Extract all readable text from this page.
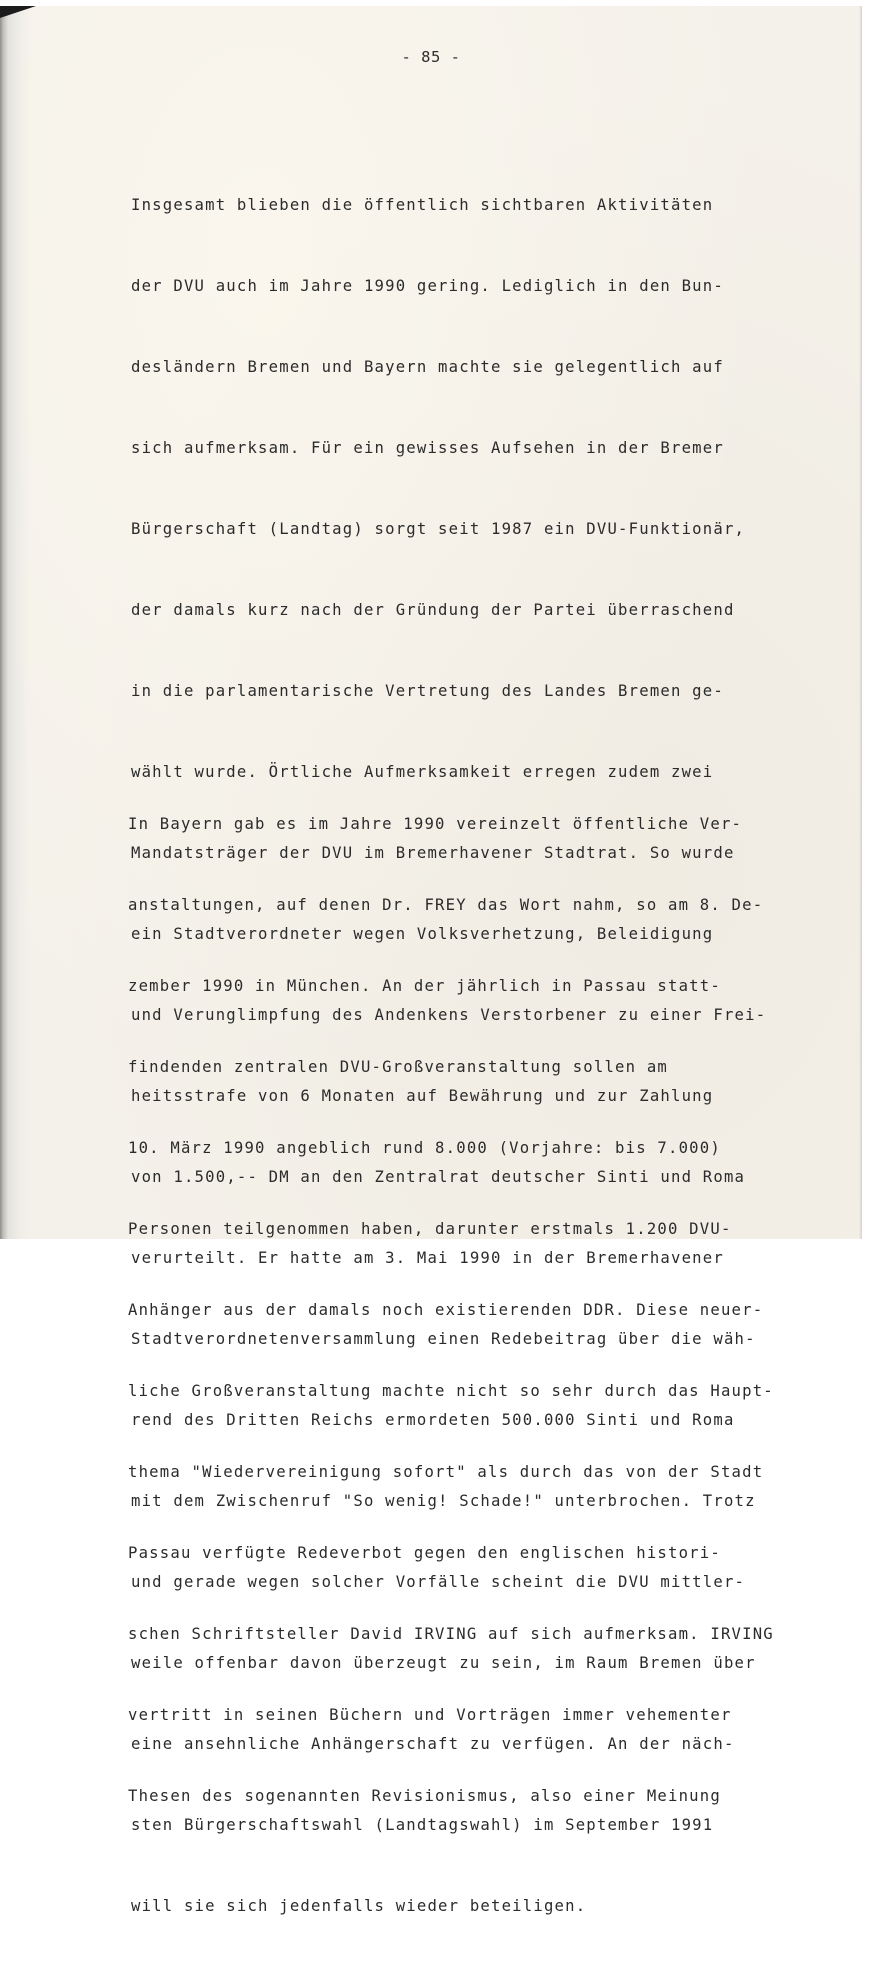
- 85 -

Insgesamt blieben die öffentlich sichtbaren Aktivitäten

der DVU auch im Jahre 1990 gering. Lediglich in den Bun-

desländern Bremen und Bayern machte sie gelegentlich auf

sich aufmerksam. Für ein gewisses Aufsehen in der Bremer

Bürgerschaft (Landtag) sorgt seit 1987 ein DVU-Funktionär,

der damals kurz nach der Gründung der Partei überraschend

in die parlamentarische Vertretung des Landes Bremen ge-

wählt wurde. Örtliche Aufmerksamkeit erregen zudem zwei

Mandatsträger der DVU im Bremerhavener Stadtrat. So wurde

ein Stadtverordneter wegen Volksverhetzung, Beleidigung

und Verunglimpfung des Andenkens Verstorbener zu einer Frei-

heitsstrafe von 6 Monaten auf Bewährung und zur Zahlung

von 1.500,-- DM an den Zentralrat deutscher Sinti und Roma

verurteilt. Er hatte am 3. Mai 1990 in der Bremerhavener

Stadtverordnetenversammlung einen Redebeitrag über die wäh-

rend des Dritten Reichs ermordeten 500.000 Sinti und Roma

mit dem Zwischenruf "So wenig! Schade!" unterbrochen. Trotz

und gerade wegen solcher Vorfälle scheint die DVU mittler-

weile offenbar davon überzeugt zu sein, im Raum Bremen über

eine ansehnliche Anhängerschaft zu verfügen. An der näch-

sten Bürgerschaftswahl (Landtagswahl) im September 1991

will sie sich jedenfalls wieder beteiligen.

In Bayern gab es im Jahre 1990 vereinzelt öffentliche Ver-

anstaltungen, auf denen Dr. FREY das Wort nahm, so am 8. De-

zember 1990 in München. An der jährlich in Passau statt-

findenden zentralen DVU-Großveranstaltung sollen am

10. März 1990 angeblich rund 8.000 (Vorjahre: bis 7.000)

Personen teilgenommen haben, darunter erstmals 1.200 DVU-

Anhänger aus der damals noch existierenden DDR. Diese neuer-

liche Großveranstaltung machte nicht so sehr durch das Haupt-

thema "Wiedervereinigung sofort" als durch das von der Stadt

Passau verfügte Redeverbot gegen den englischen histori-

schen Schriftsteller David IRVING auf sich aufmerksam. IRVING

vertritt in seinen Büchern und Vorträgen immer vehementer

Thesen des sogenannten Revisionismus, also einer Meinung
